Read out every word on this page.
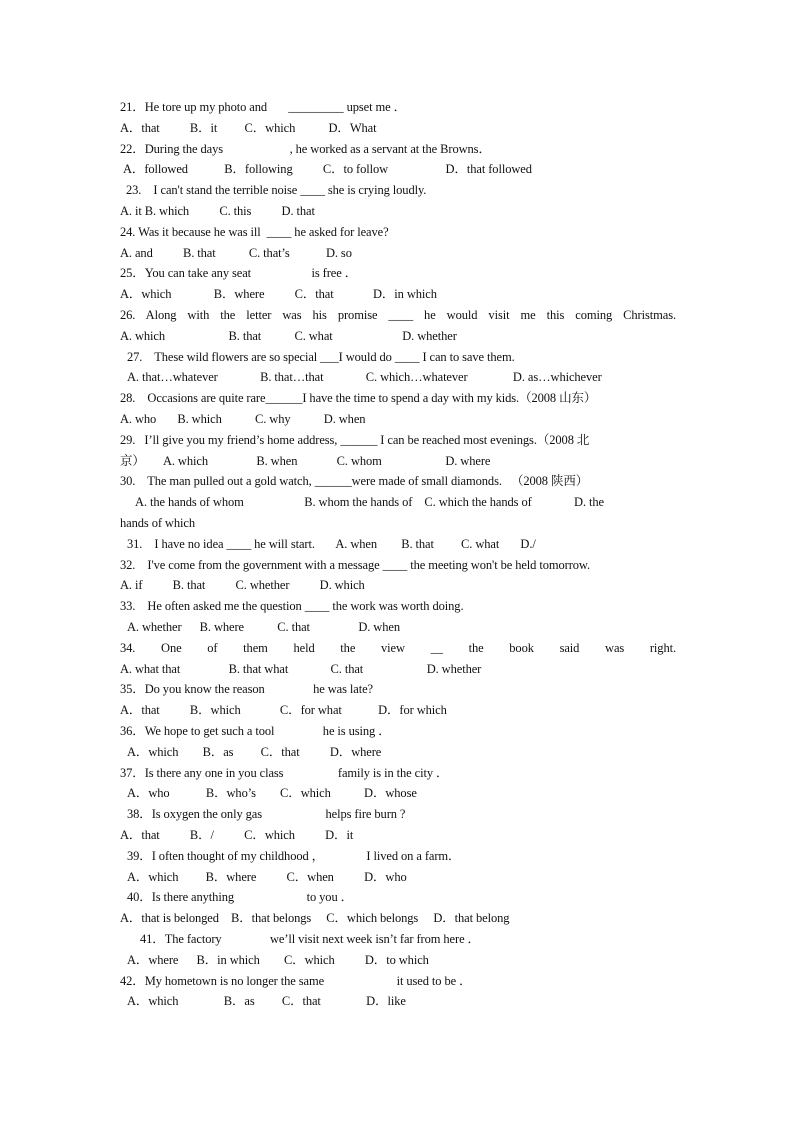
21．He tore up my photo and       _________ upset me ．
A．that          B．it         C．which           D．What
22．During the days                      , he worked as a servant at the Browns．
A．followed            B．following          C．to follow                   D．that followed
23.    I can't stand the terrible noise ____ she is crying loudly.
A. it B. which          C. this          D. that
24. Was it because he was ill  ____ he asked for leave?
A. and          B. that           C. that’s            D. so
25．You can take any seat                    is free ．
A．which              B．where          C．that             D．in which
26. Along with the letter was his promise ____ he would visit me this coming Christmas.
A. which                     B. that           C. what                       D. whether
27.    These wild flowers are so special ___I would do ____ I can to save them.
A. that…whatever              B. that…that              C. which…whatever               D. as…whichever
28.    Occasions are quite rare______I have the time to spend a day with my kids.（2008 山东）
A. who       B. which           C. why           D. when
29.   I’ll give you my friend’s home address, ______ I can be reached most evenings.（2008 北
京）      A. which                B. when             C. whom                     D. where
30.    The man pulled out a gold watch, ______were made of small diamonds.   （2008 陕西）
A. the hands of whom                    B. whom the hands of    C. which the hands of              D. the
hands of which
31.    I have no idea ____ he will start.       A. when        B. that         C. what       D./
32.    I've come from the government with a message ____ the meeting won't be held tomorrow.
A. if          B. that          C. whether          D. which
33.    He often asked me the question ____ the work was worth doing.
A. whether      B. where           C. that                D. when
34. One of them held the view __ the book said was right.
A. what that                B. that what              C. that                     D. whether
35．Do you know the reason                he was late?
A．that          B．which             C．for what            D．for which
36．We hope to get such a tool                he is using ．
A．which        B．as         C．that          D．where
37．Is there any one in you class                  family is in the city ．
A．who            B．who’s        C．which           D．whose
38．Is oxygen the only gas                     helps fire burn ?
A．that          B．/          C．which          D．it
39．I often thought of my childhood ，              I lived on a farm．
A．which         B．where          C．when          D．who
40．Is there anything                        to you ．
A．that is belonged    B．that belongs     C．which belongs     D．that belong
41．The factory                we’ll visit next week isn’t far from here ．
A．where      B．in which        C．which          D．to which
42．My hometown is no longer the same                        it used to be ．
A．which               B．as         C．that               D．like
